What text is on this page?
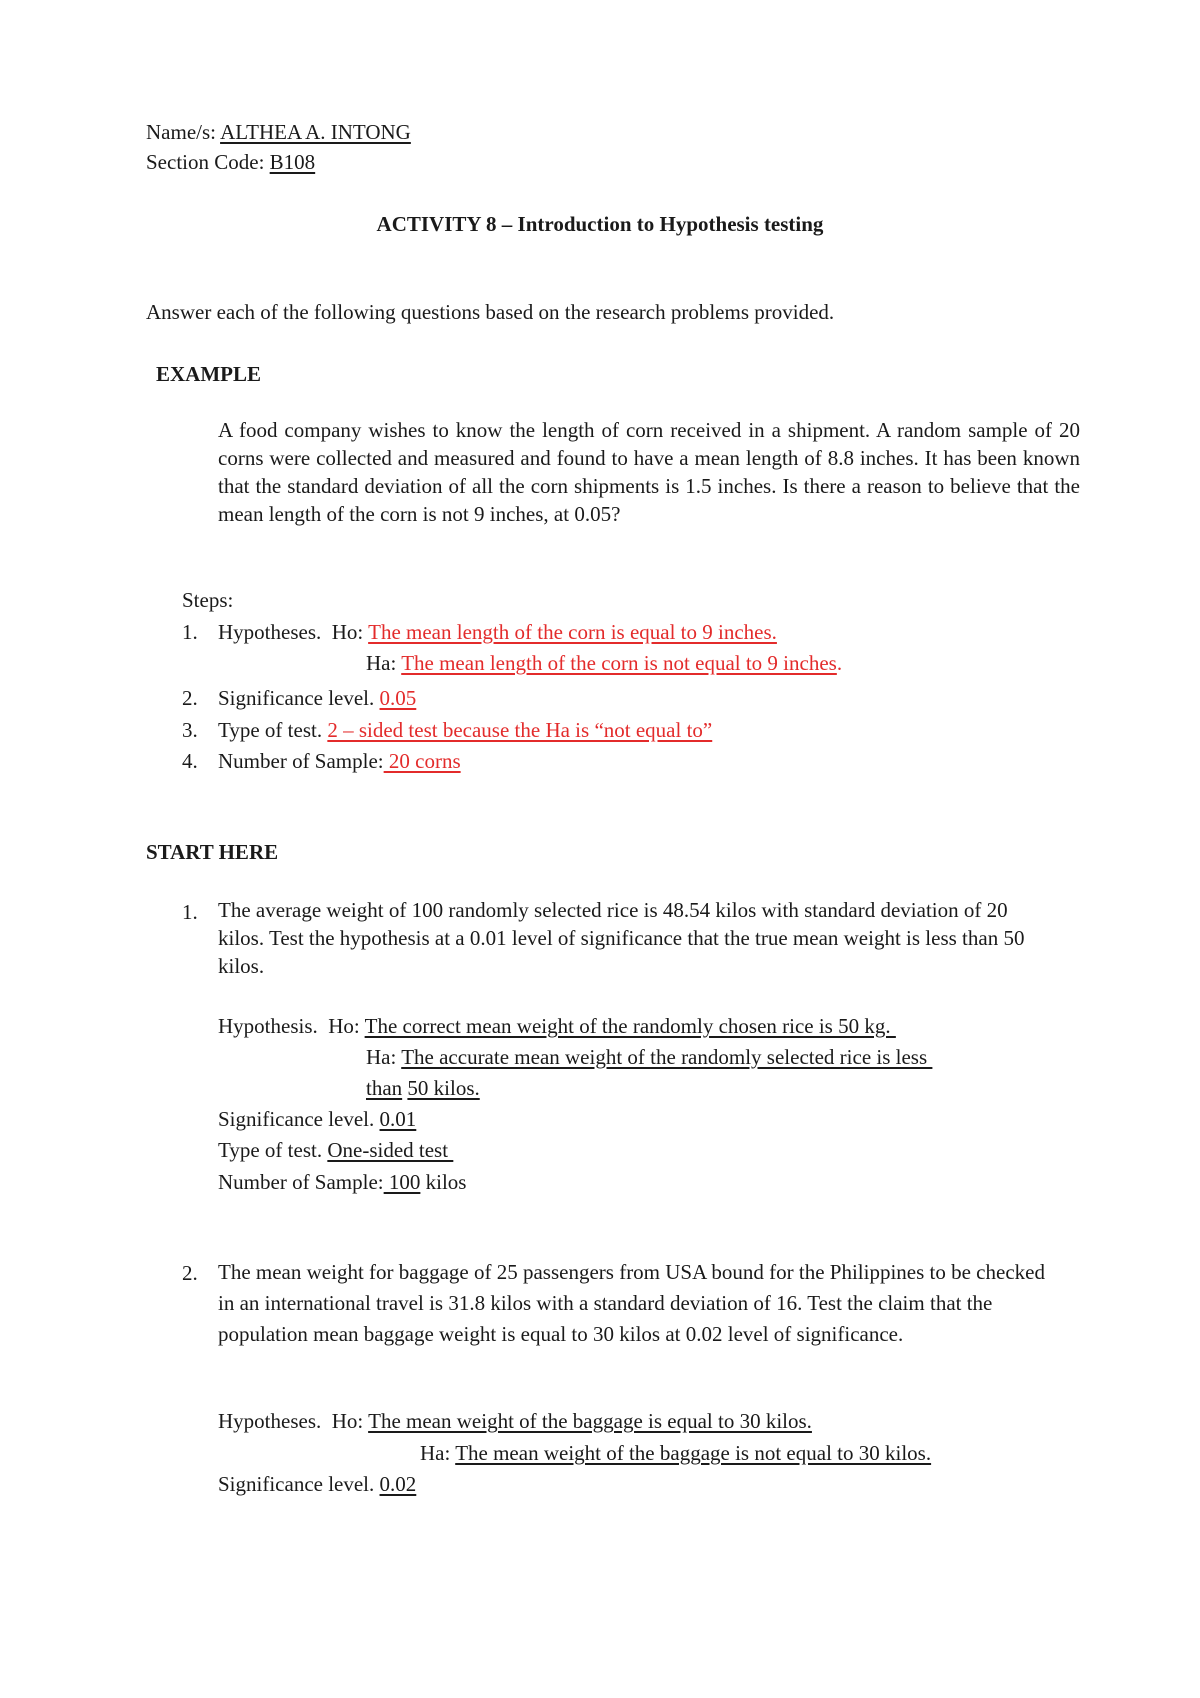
Name/s: ALTHEA A. INTONG
Section Code: B108
ACTIVITY 8 – Introduction to Hypothesis testing
Answer each of the following questions based on the research problems provided.
EXAMPLE
A food company wishes to know the length of corn received in a shipment. A random sample of 20 corns were collected and measured and found to have a mean length of 8.8 inches. It has been known that the standard deviation of all the corn shipments is 1.5 inches. Is there a reason to believe that the mean length of the corn is not 9 inches, at 0.05?
Steps:
1. Hypotheses. Ho: The mean length of the corn is equal to 9 inches.
Ha: The mean length of the corn is not equal to 9 inches.
2. Significance level. 0.05
3. Type of test. 2 – sided test because the Ha is “not equal to”
4. Number of Sample: 20 corns
START HERE
1. The average weight of 100 randomly selected rice is 48.54 kilos with standard deviation of 20 kilos. Test the hypothesis at a 0.01 level of significance that the true mean weight is less than 50 kilos.
Hypothesis. Ho: The correct mean weight of the randomly chosen rice is 50 kg.
Ha: The accurate mean weight of the randomly selected rice is less
than 50 kilos.
Significance level. 0.01
Type of test. One-sided test
Number of Sample: 100 kilos
2. The mean weight for baggage of 25 passengers from USA bound for the Philippines to be checked in an international travel is 31.8 kilos with a standard deviation of 16. Test the claim that the population mean baggage weight is equal to 30 kilos at 0.02 level of significance.
Hypotheses. Ho: The mean weight of the baggage is equal to 30 kilos.
Ha: The mean weight of the baggage is not equal to 30 kilos.
Significance level. 0.02
